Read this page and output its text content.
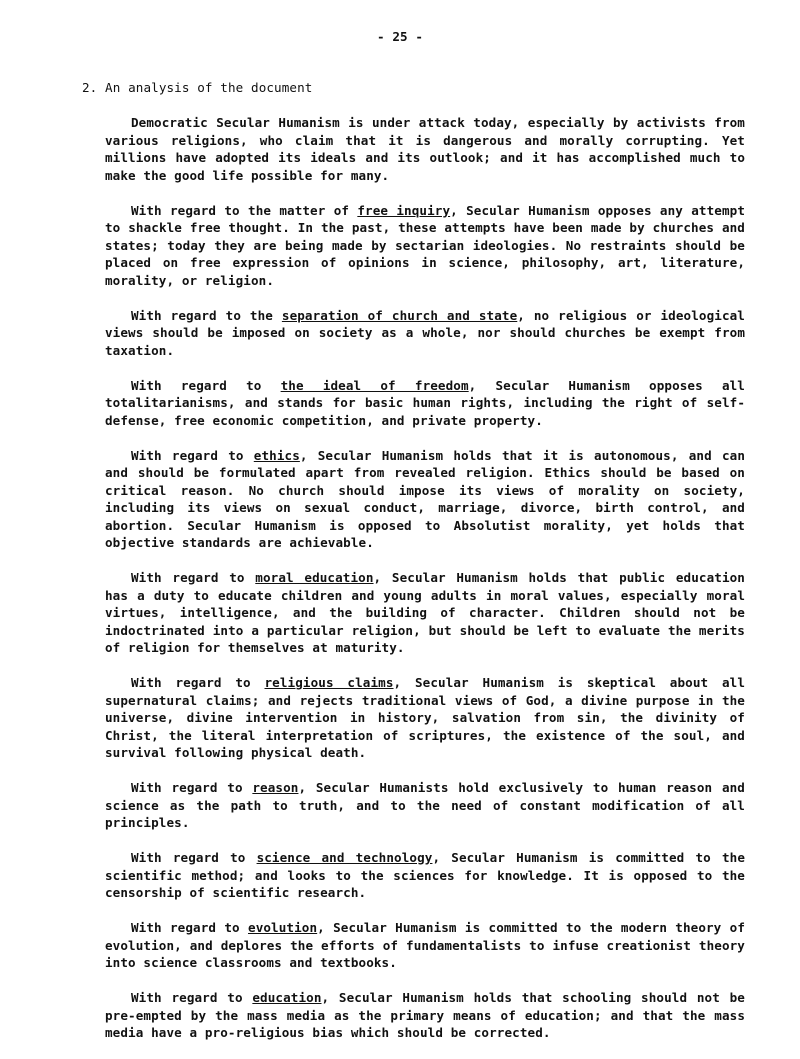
- 25 -
2. An analysis of the document

Democratic Secular Humanism is under attack today, especially by activists from various religions, who claim that it is dangerous and morally corrupting. Yet millions have adopted its ideals and its outlook; and it has accomplished much to make the good life possible for many.

With regard to the matter of free inquiry, Secular Humanism opposes any attempt to shackle free thought. In the past, these attempts have been made by churches and states; today they are being made by sectarian ideologies. No restraints should be placed on free expression of opinions in science, philosophy, art, literature, morality, or religion.

With regard to the separation of church and state, no religious or ideological views should be imposed on society as a whole, nor should churches be exempt from taxation.

With regard to the ideal of freedom, Secular Humanism opposes all totalitarianisms, and stands for basic human rights, including the right of self-defense, free economic competition, and private property.

With regard to ethics, Secular Humanism holds that it is autonomous, and can and should be formulated apart from revealed religion. Ethics should be based on critical reason. No church should impose its views of morality on society, including its views on sexual conduct, marriage, divorce, birth control, and abortion. Secular Humanism is opposed to Absolutist morality, yet holds that objective standards are achievable.

With regard to moral education, Secular Humanism holds that public education has a duty to educate children and young adults in moral values, especially moral virtues, intelligence, and the building of character. Children should not be indoctrinated into a particular religion, but should be left to evaluate the merits of religion for themselves at maturity.

With regard to religious claims, Secular Humanism is skeptical about all supernatural claims; and rejects traditional views of God, a divine purpose in the universe, divine intervention in history, salvation from sin, the divinity of Christ, the literal interpretation of scriptures, the existence of the soul, and survival following physical death.

With regard to reason, Secular Humanists hold exclusively to human reason and science as the path to truth, and to the need of constant modification of all principles.

With regard to science and technology, Secular Humanism is committed to the scientific method; and looks to the sciences for knowledge. It is opposed to the censorship of scientific research.

With regard to evolution, Secular Humanism is committed to the modern theory of evolution, and deplores the efforts of fundamentalists to infuse creationist theory into science classrooms and textbooks.

With regard to education, Secular Humanism holds that schooling should not be pre-empted by the mass media as the primary means of education; and that the mass media have a pro-religious bias which should be corrected.
